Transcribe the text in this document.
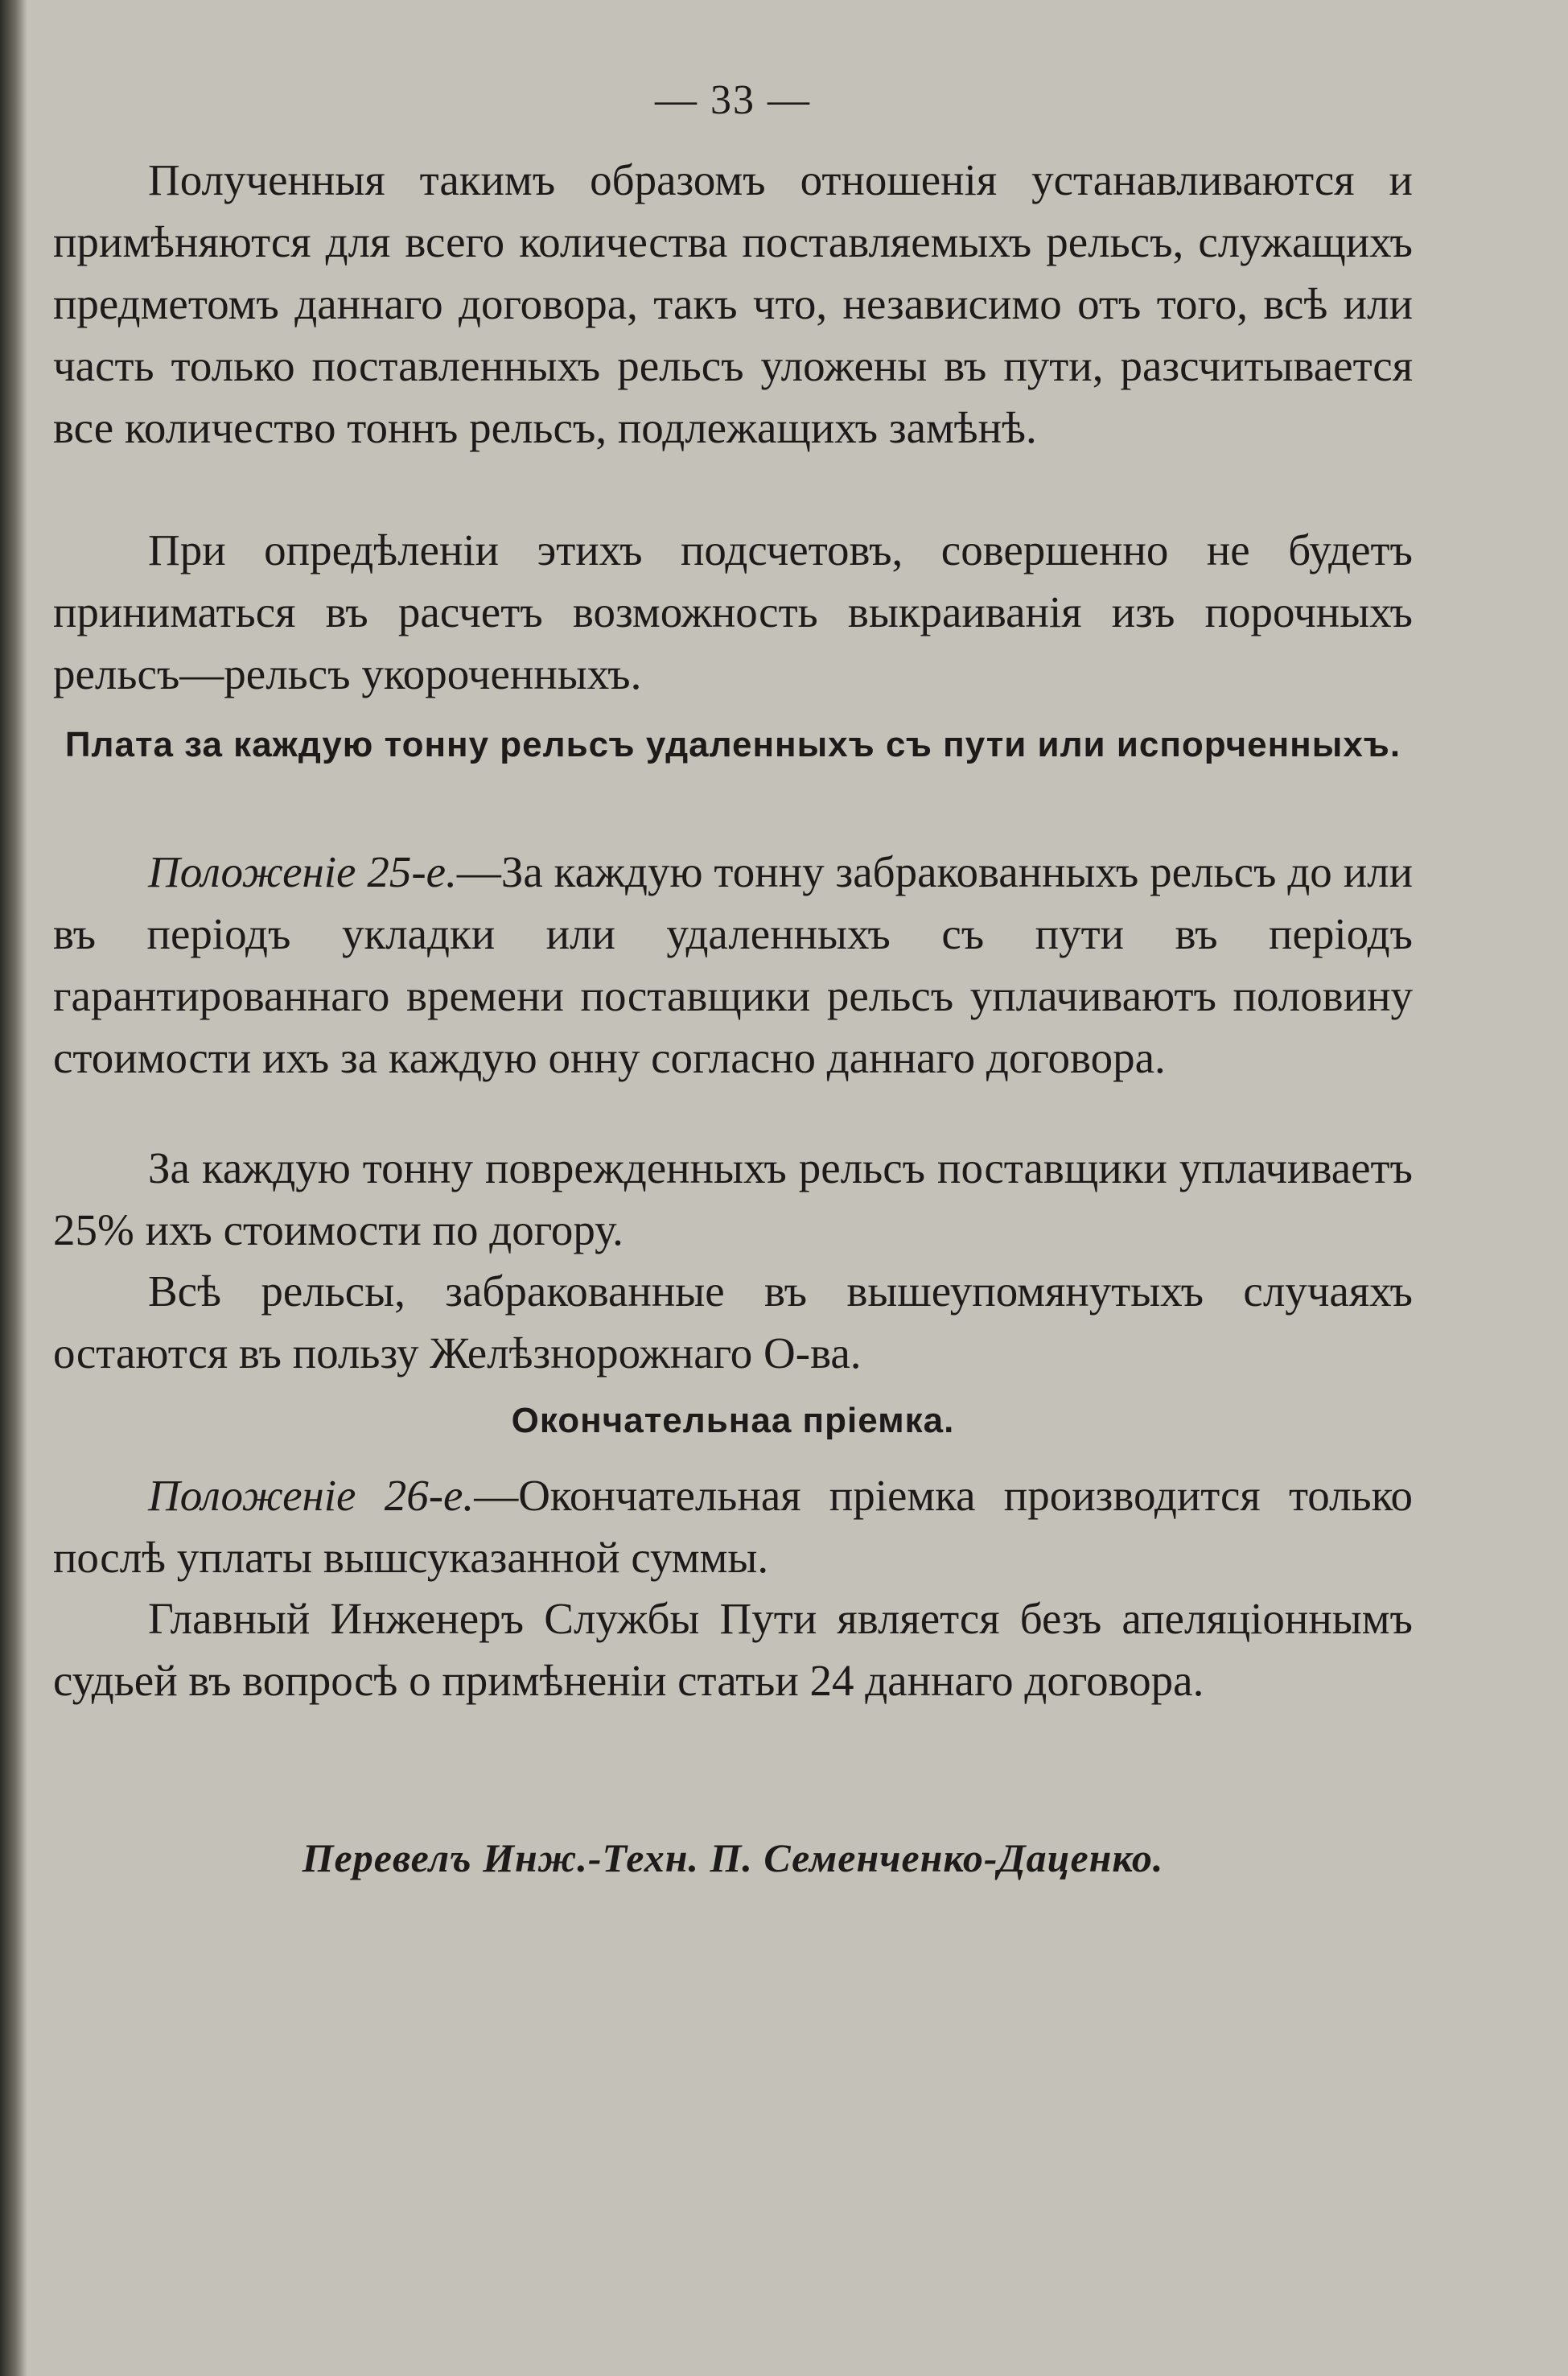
— 33 —

Полученныя такимъ образомъ отношенія устанавливаются и примѣняются для всего количества поставляемыхъ рельсъ, служащихъ предметомъ даннаго договора, такъ что, независимо отъ того, всѣ или часть только поставленныхъ рельсъ уложены въ пути, разсчитывается все количество тоннъ рельсъ, подлежащихъ замѣнѣ.

При опредѣленіи этихъ подсчетовъ, совершенно не будетъ приниматься въ расчетъ возможность выкраиванія изъ порочныхъ рельсъ—рельсъ укороченныхъ.

Плата за каждую тонну рельсъ удаленныхъ съ пути или испорченныхъ.

Положеніе 25-е.—За каждую тонну забракованныхъ рельсъ до или въ періодъ укладки или удаленныхъ съ пути въ періодъ гарантированнаго времени поставщики рельсъ уплачиваютъ половину стоимости ихъ за каждую онну согласно даннаго договора.

За каждую тонну поврежденныхъ рельсъ поставщики уплачиваетъ 25% ихъ стоимости по догору.

Всѣ рельсы, забракованные въ вышеупомянутыхъ случаяхъ остаются въ пользу Желѣзнорожнаго О-ва.

Окончательнаа пріемка.

Положеніе 26-е.—Окончательная пріемка производится только послѣ уплаты вышсуказанной суммы.

Главный Инженеръ Службы Пути является безъ апеляціоннымъ судьей въ вопросѣ о примѣненіи статьи 24 даннаго договора.

Перевелъ Инж.-Техн. П. Семенченко-Даценко.
